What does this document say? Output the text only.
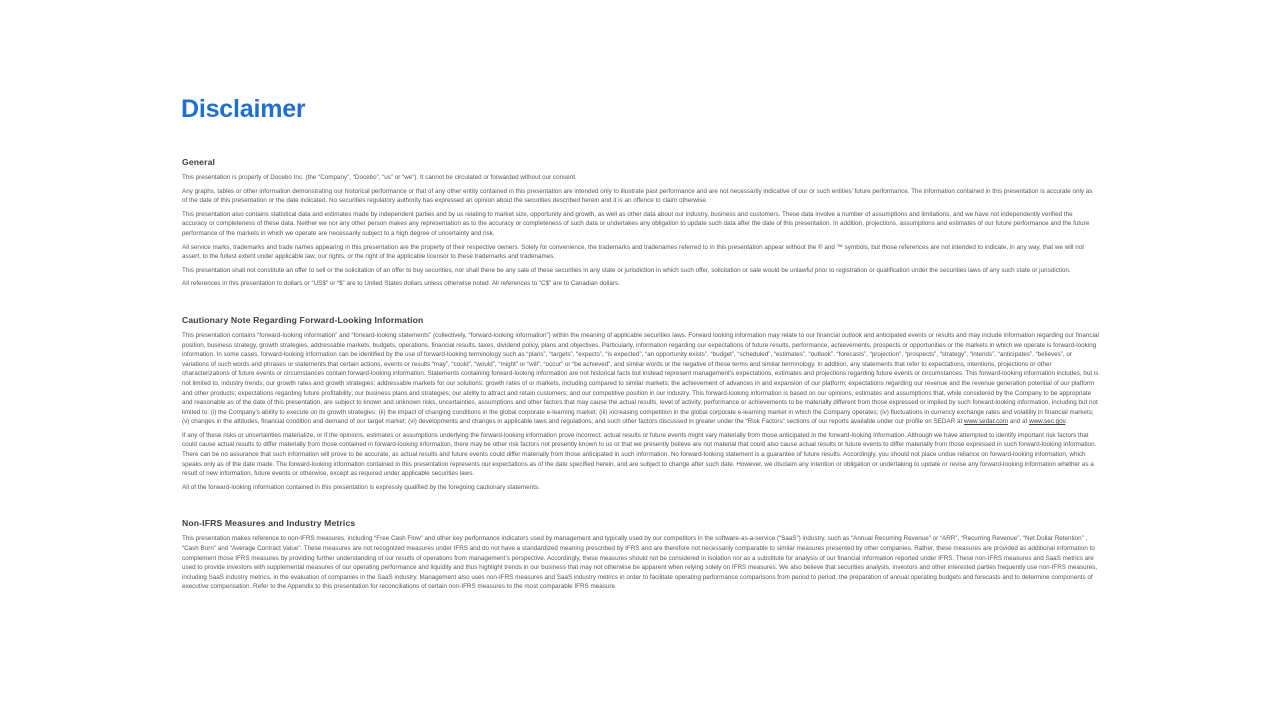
Disclaimer
General

This presentation is property of Docebo Inc. (the “Company”, “Docebo”, “us” or “we”). It cannot be circulated or forwarded without our consent.

Any graphs, tables or other information demonstrating our historical performance or that of any other entity contained in this presentation are intended only to illustrate past performance and are not necessarily indicative of our or such entities’ future performance. The information contained in this presentation is accurate only as of the date of this presentation or the date indicated. No securities regulatory authority has expressed an opinion about the securities described herein and it is an offence to claim otherwise.

This presentation also contains statistical data and estimates made by independent parties and by us relating to market size, opportunity and growth, as well as other data about our industry, business and customers. These data involve a number of assumptions and limitations, and we have not independently verified the accuracy or completeness of these data. Neither we nor any other person makes any representation as to the accuracy or completeness of such data or undertakes any obligation to update such data after the date of this presentation. In addition, projections, assumptions and estimates of our future performance and the future performance of the markets in which we operate are necessarily subject to a high degree of uncertainty and risk.

All service marks, trademarks and trade names appearing in this presentation are the property of their respective owners. Solely for convenience, the trademarks and tradenames referred to in this presentation appear without the ® and ™ symbols, but those references are not intended to indicate, in any way, that we will not assert, to the fullest extent under applicable law, our rights, or the right of the applicable licensor to these trademarks and tradenames.

This presentation shall not constitute an offer to sell or the solicitation of an offer to buy securities, nor shall there be any sale of these securities in any state or jurisdiction in which such offer, solicitation or sale would be unlawful prior to registration or qualification under the securities laws of any such state or jurisdiction.

All references in this presentation to dollars or “US$” or “$” are to United States dollars unless otherwise noted. All references to “C$” are to Canadian dollars.

Cautionary Note Regarding Forward-Looking Information

This presentation contains “forward-looking information” and “forward-looking statements” (collectively, “forward-looking information”) within the meaning of applicable securities laws. Forward looking information may relate to our financial outlook and anticipated events or results and may include information regarding our financial position, business strategy, growth strategies, addressable markets, budgets, operations, financial results, taxes, dividend policy, plans and objectives. Particularly, information regarding our expectations of future results, performance, achievements, prospects or opportunities or the markets in which we operate is forward-looking information. In some cases, forward-looking information can be identified by the use of forward-looking terminology such as “plans”, “targets”, “expects”, “is expected”, “an opportunity exists”, “budget”, “scheduled”, “estimates”, “outlook”, “forecasts”, “projection”, “prospects”, “strategy”, “intends”, “anticipates”, “believes”, or variations of such words and phrases or statements that certain actions, events or results “may”, “could”, “would”, “might” or “will”, “occur” or “be achieved”, and similar words or the negative of these terms and similar terminology. In addition, any statements that refer to expectations, intentions, projections or other characterizations of future events or circumstances contain forward-looking information. Statements containing forward-looking information are not historical facts but instead represent management’s expectations, estimates and projections regarding future events or circumstances. This forward-looking information includes, but is not limited to, industry trends; our growth rates and growth strategies; addressable markets for our solutions; growth rates of or markets, including compared to similar markets; the achievement of advances in and expansion of our platform; expectations regarding our revenue and the revenue generation potential of our platform and other products; expectations regarding future profitability; our business plans and strategies; our ability to attract and retain customers; and our competitive position in our industry. This forward-looking information is based on our opinions, estimates and assumptions that, while considered by the Company to be appropriate and reasonable as of the date of this presentation, are subject to known and unknown risks, uncertainties, assumptions and other factors that may cause the actual results, level of activity, performance or achievements to be materially different from those expressed or implied by such forward-looking information, including but not limited to: (i) the Company’s ability to execute on its growth strategies; (ii) the impact of changing conditions in the global corporate e-learning market; (iii) increasing competition in the global corporate e-learning market in which the Company operates; (iv) fluctuations in currency exchange rates and volatility in financial markets; (v) changes in the attitudes, financial condition and demand of our target market; (vi) developments and changes in applicable laws and regulations; and such other factors discussed in greater under the “Risk Factors” sections of our reports available under our profile on SEDAR at www.sedar.com and at www.sec.gov.

If any of these risks or uncertainties materialize, or if the opinions, estimates or assumptions underlying the forward-looking information prove incorrect, actual results or future events might vary materially from those anticipated in the forward-looking information. Although we have attempted to identify important risk factors that could cause actual results to differ materially from those contained in forward-looking information, there may be other risk factors not presently known to us or that we presently believe are not material that could also cause actual results or future events to differ materially from those expressed in such forward-looking information. There can be no assurance that such information will prove to be accurate, as actual results and future events could differ materially from those anticipated in such information. No forward-looking statement is a guarantee of future results. Accordingly, you should not place undue reliance on forward-looking information, which speaks only as of the date made. The forward-looking information contained in this presentation represents our expectations as of the date specified herein, and are subject to change after such date. However, we disclaim any intention or obligation or undertaking to update or revise any forward-looking information whether as a result of new information, future events or otherwise, except as required under applicable securities laws.

All of the forward-looking information contained in this presentation is expressly qualified by the foregoing cautionary statements.

Non-IFRS Measures and Industry Metrics

This presentation makes reference to non-IFRS measures, including “Free Cash Flow” and other key performance indicators used by management and typically used by our competitors in the software-as-a-service (“SaaS”) industry, such as “Annual Recurring Revenue” or “ARR”, “Recurring Revenue”, “Net Dollar Retention” , “Cash Burn” and “Average Contract Value”. These measures are not recognized measures under IFRS and do not have a standardized meaning prescribed by IFRS and are therefore not necessarily comparable to similar measures presented by other companies. Rather, these measures are provided as additional information to complement those IFRS measures by providing further understanding of our results of operations from management’s perspective. Accordingly, these measures should not be considered in isolation nor as a substitute for analysis of our financial information reported under IFRS. These non-IFRS measures and SaaS metrics are used to provide investors with supplemental measures of our operating performance and liquidity and thus highlight trends in our business that may not otherwise be apparent when relying solely on IFRS measures. We also believe that securities analysts, investors and other interested parties frequently use non-IFRS measures, including SaaS industry metrics, in the evaluation of companies in the SaaS industry. Management also uses non-IFRS measures and SaaS industry metrics in order to facilitate operating performance comparisons from period to period, the preparation of annual operating budgets and forecasts and to determine components of executive compensation. Refer to the Appendix to this presentation for reconciliations of certain non-IFRS measures to the most comparable IFRS measure.
